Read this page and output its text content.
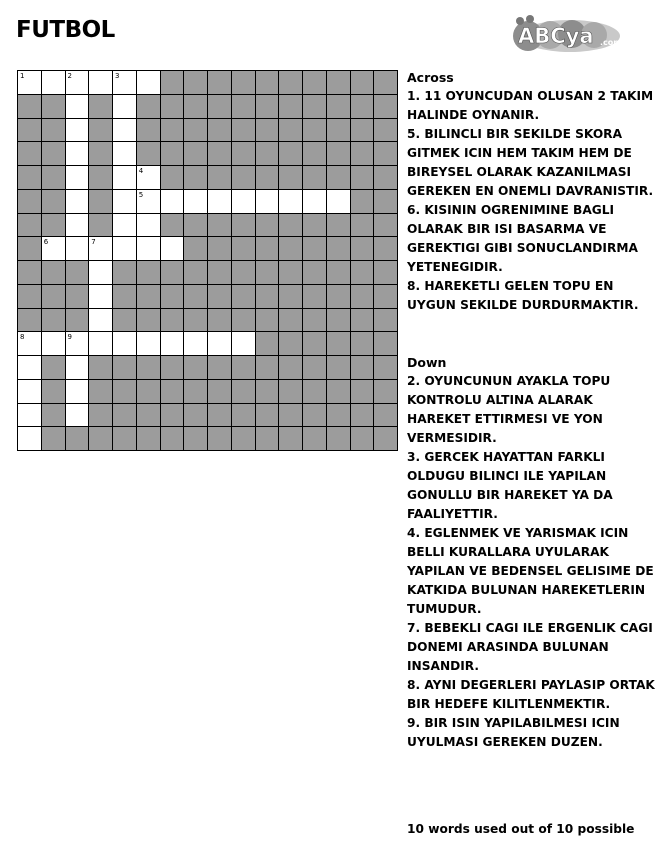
FUTBOL	ABCya .com
1	2	3
4
5
6	7
8	9
Across

1. 11 OYUNCUDAN OLUSAN 2 TAKIM HALINDE OYNANIR.

5. BILINCLI BIR SEKILDE SKORA GITMEK ICIN HEM TAKIM HEM DE BIREYSEL OLARAK KAZANILMASI GEREKEN EN ONEMLI DAVRANISTIR.

6. KISININ OGRENIMINE BAGLI OLARAK BIR ISI BASARMA VE GEREKTIGI GIBI SONUCLANDIRMA YETENEGIDIR.

8. HAREKETLI GELEN TOPU EN UYGUN SEKILDE DURDURMAKTIR.

Down

2. OYUNCUNUN AYAKLA TOPU KONTROLU ALTINA ALARAK HAREKET ETTIRMESI VE YON VERMESIDIR.

3. GERCEK HAYATTAN FARKLI OLDUGU BILINCI ILE YAPILAN GONULLU BIR HAREKET YA DA FAALIYETTIR.

4. EGLENMEK VE YARISMAK ICIN BELLI KURALLARA UYULARAK YAPILAN VE BEDENSEL GELISIME DE KATKIDA BULUNAN HAREKETLERIN TUMUDUR.

7. BEBEKLI CAGI ILE ERGENLIK CAGI DONEMI ARASINDA BULUNAN INSANDIR.

8. AYNI DEGERLERI PAYLASIP ORTAK BIR HEDEFE KILITLENMEKTIR.

9. BIR ISIN YAPILABILMESI ICIN UYULMASI GEREKEN DUZEN.

10 words used out of 10 possible
